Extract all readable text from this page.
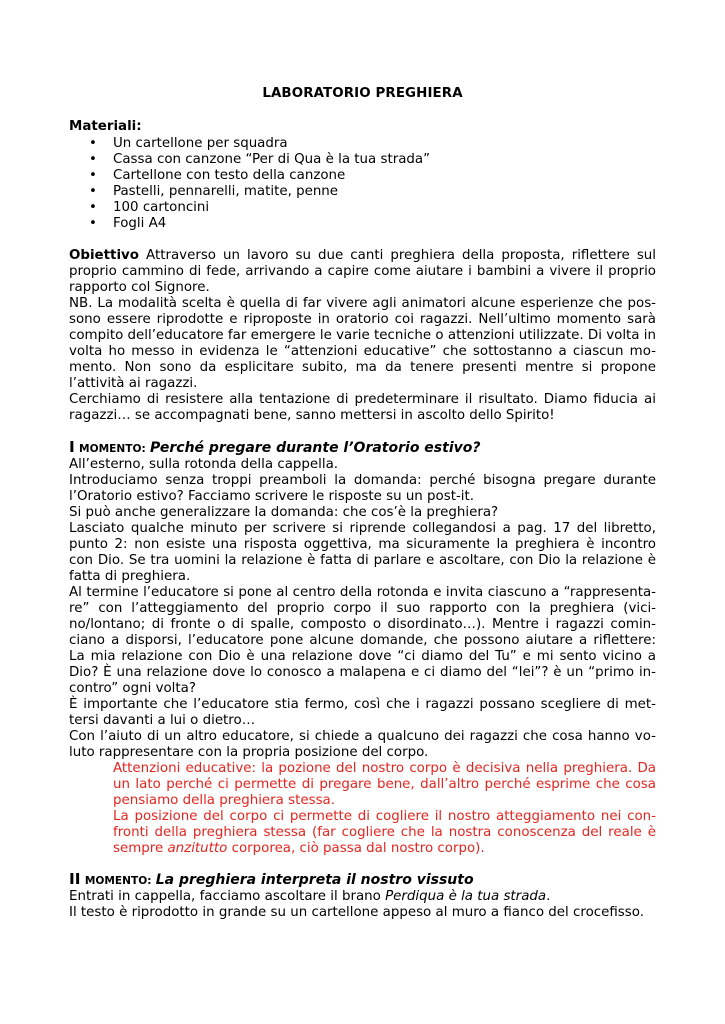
LABORATORIO PREGHIERA
Materiali:
• Un cartellone per squadra
• Cassa con canzone “Per di Qua è la tua strada”
• Cartellone con testo della canzone
• Pastelli, pennarelli, matite, penne
• 100 cartoncini
• Fogli A4
Obiettivo Attraverso un lavoro su due canti preghiera della proposta, riflettere sul
proprio cammino di fede, arrivando a capire come aiutare i bambini a vivere il proprio
rapporto col Signore.
NB. La modalità scelta è quella di far vivere agli animatori alcune esperienze che pos-
sono essere riprodotte e riproposte in oratorio coi ragazzi. Nell’ultimo momento sarà
compito dell’educatore far emergere le varie tecniche o attenzioni utilizzate. Di volta in
volta ho messo in evidenza le “attenzioni educative” che sottostanno a ciascun mo-
mento. Non sono da esplicitare subito, ma da tenere presenti mentre si propone
l’attività ai ragazzi.
Cerchiamo di resistere alla tentazione di predeterminare il risultato. Diamo fiducia ai
ragazzi… se accompagnati bene, sanno mettersi in ascolto dello Spirito!
I MOMENTO: Perché pregare durante l’Oratorio estivo?
All’esterno, sulla rotonda della cappella.
Introduciamo senza troppi preamboli la domanda: perché bisogna pregare durante
l’Oratorio estivo? Facciamo scrivere le risposte su un post-it.
Si può anche generalizzare la domanda: che cos’è la preghiera?
Lasciato qualche minuto per scrivere si riprende collegandosi a pag. 17 del libretto,
punto 2: non esiste una risposta oggettiva, ma sicuramente la preghiera è incontro
con Dio. Se tra uomini la relazione è fatta di parlare e ascoltare, con Dio la relazione è
fatta di preghiera.
Al termine l’educatore si pone al centro della rotonda e invita ciascuno a “rappresenta-
re” con l’atteggiamento del proprio corpo il suo rapporto con la preghiera (vici-
no/lontano; di fronte o di spalle, composto o disordinato…). Mentre i ragazzi comin-
ciano a disporsi, l’educatore pone alcune domande, che possono aiutare a riflettere:
La mia relazione con Dio è una relazione dove “ci diamo del Tu” e mi sento vicino a
Dio? È una relazione dove lo conosco a malapena e ci diamo del “lei”? è un “primo in-
contro” ogni volta?
È importante che l’educatore stia fermo, così che i ragazzi possano scegliere di met-
tersi davanti a lui o dietro…
Con l’aiuto di un altro educatore, si chiede a qualcuno dei ragazzi che cosa hanno vo-
luto rappresentare con la propria posizione del corpo.
Attenzioni educative: la pozione del nostro corpo è decisiva nella preghiera. Da
un lato perché ci permette di pregare bene, dall’altro perché esprime che cosa
pensiamo della preghiera stessa.
La posizione del corpo ci permette di cogliere il nostro atteggiamento nei con-
fronti della preghiera stessa (far cogliere che la nostra conoscenza del reale è
sempre anzitutto corporea, ciò passa dal nostro corpo).
II MOMENTO: La preghiera interpreta il nostro vissuto
Entrati in cappella, facciamo ascoltare il brano Perdiqua è la tua strada.
Il testo è riprodotto in grande su un cartellone appeso al muro a fianco del crocefisso.
